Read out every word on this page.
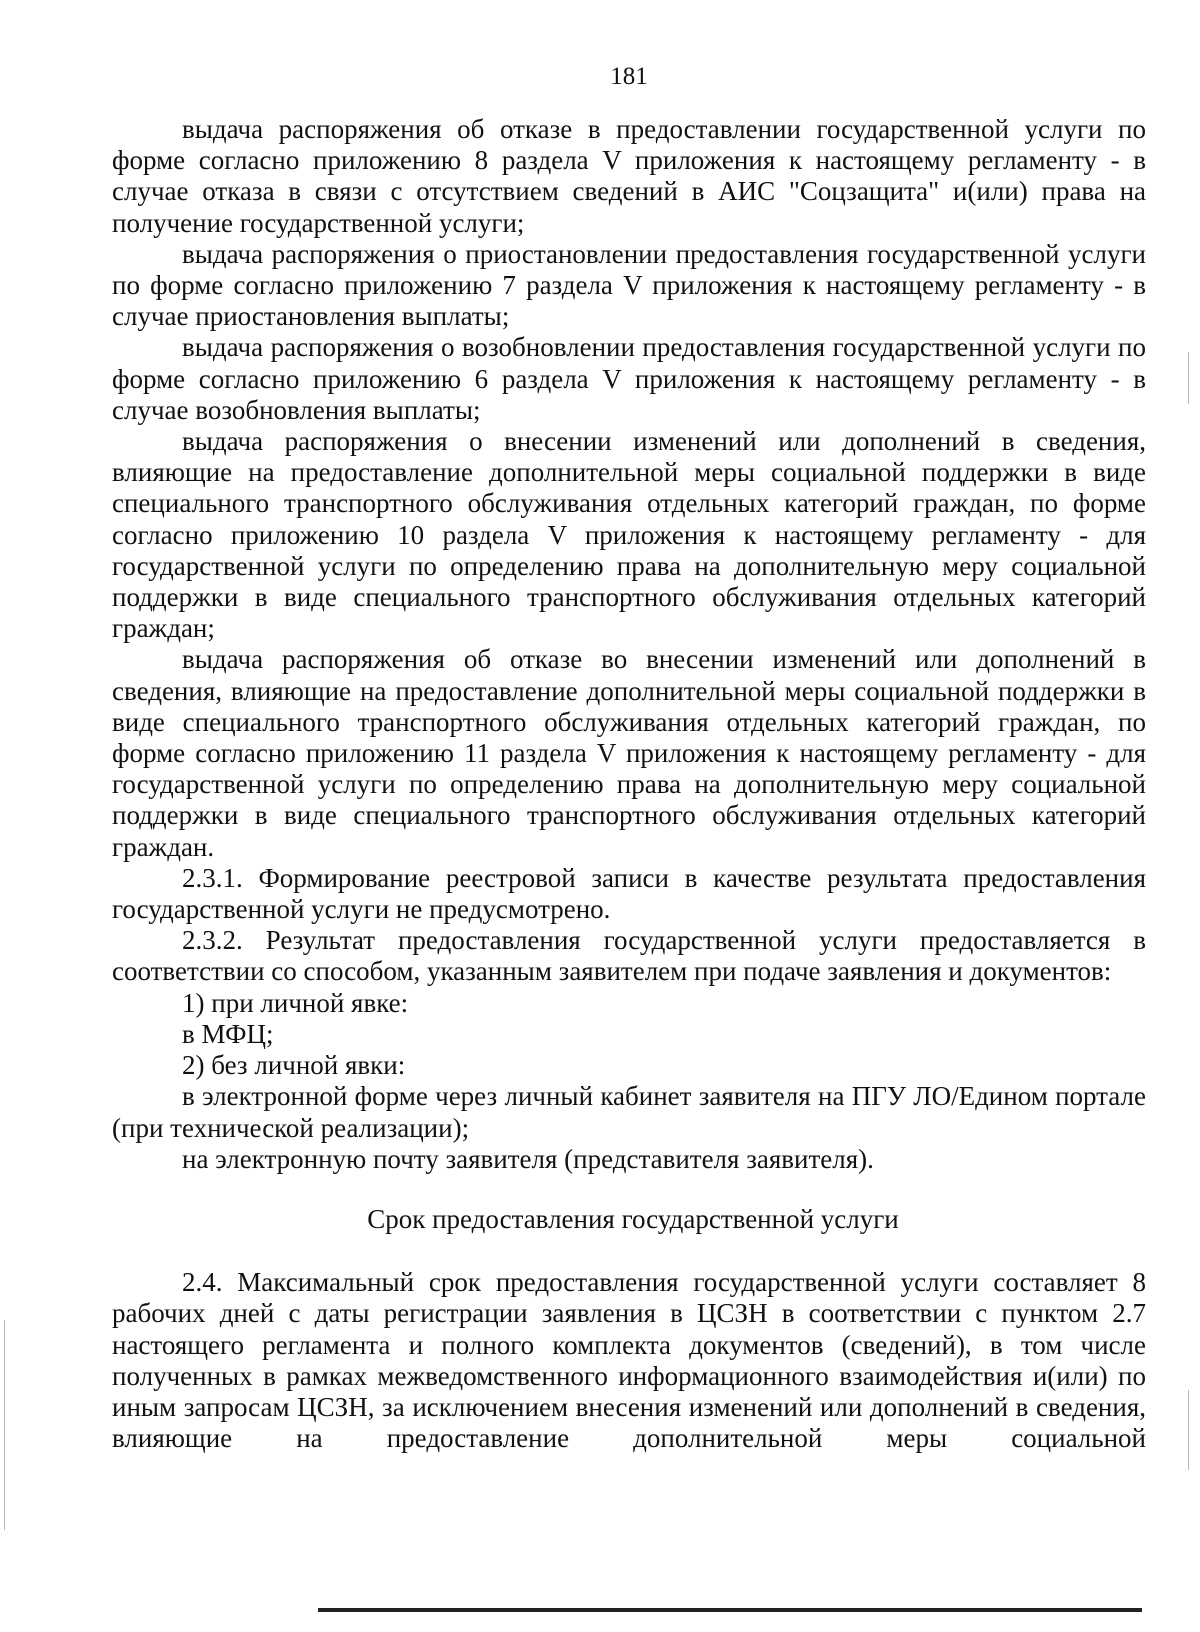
181

выдача распоряжения об отказе в предоставлении государственной услуги по форме согласно приложению 8 раздела V приложения к настоящему регламенту - в случае отказа в связи с отсутствием сведений в АИС "Соцзащита" и(или) права на получение государственной услуги;

выдача распоряжения о приостановлении предоставления государственной услуги по форме согласно приложению 7 раздела V приложения к настоящему регламенту - в случае приостановления выплаты;

выдача распоряжения о возобновлении предоставления государственной услуги по форме согласно приложению 6 раздела V приложения к настоящему регламенту - в случае возобновления выплаты;

выдача распоряжения о внесении изменений или дополнений в сведения, влияющие на предоставление дополнительной меры социальной поддержки в виде специального транспортного обслуживания отдельных категорий граждан, по форме согласно приложению 10 раздела V приложения к настоящему регламенту - для государственной услуги по определению права на дополнительную меру социальной поддержки в виде специального транспортного обслуживания отдельных категорий граждан;

выдача распоряжения об отказе во внесении изменений или дополнений в сведения, влияющие на предоставление дополнительной меры социальной поддержки в виде специального транспортного обслуживания отдельных категорий граждан, по форме согласно приложению 11 раздела V приложения к настоящему регламенту - для государственной услуги по определению права на дополнительную меру социальной поддержки в виде специального транспортного обслуживания отдельных категорий граждан.

2.3.1. Формирование реестровой записи в качестве результата предоставления государственной услуги не предусмотрено.

2.3.2. Результат предоставления государственной услуги предоставляется в соответствии со способом, указанным заявителем при подаче заявления и документов:

1) при личной явке:

в МФЦ;

2) без личной явки:

в электронной форме через личный кабинет заявителя на ПГУ ЛО/Едином портале (при технической реализации);

на электронную почту заявителя (представителя заявителя).

Срок предоставления государственной услуги

2.4. Максимальный срок предоставления государственной услуги составляет 8 рабочих дней с даты регистрации заявления в ЦСЗН в соответствии с пунктом 2.7 настоящего регламента и полного комплекта документов (сведений), в том числе полученных в рамках межведомственного информационного взаимодействия и(или) по иным запросам ЦСЗН, за исключением внесения изменений или дополнений в сведения, влияющие на предоставление дополнительной меры социальной
